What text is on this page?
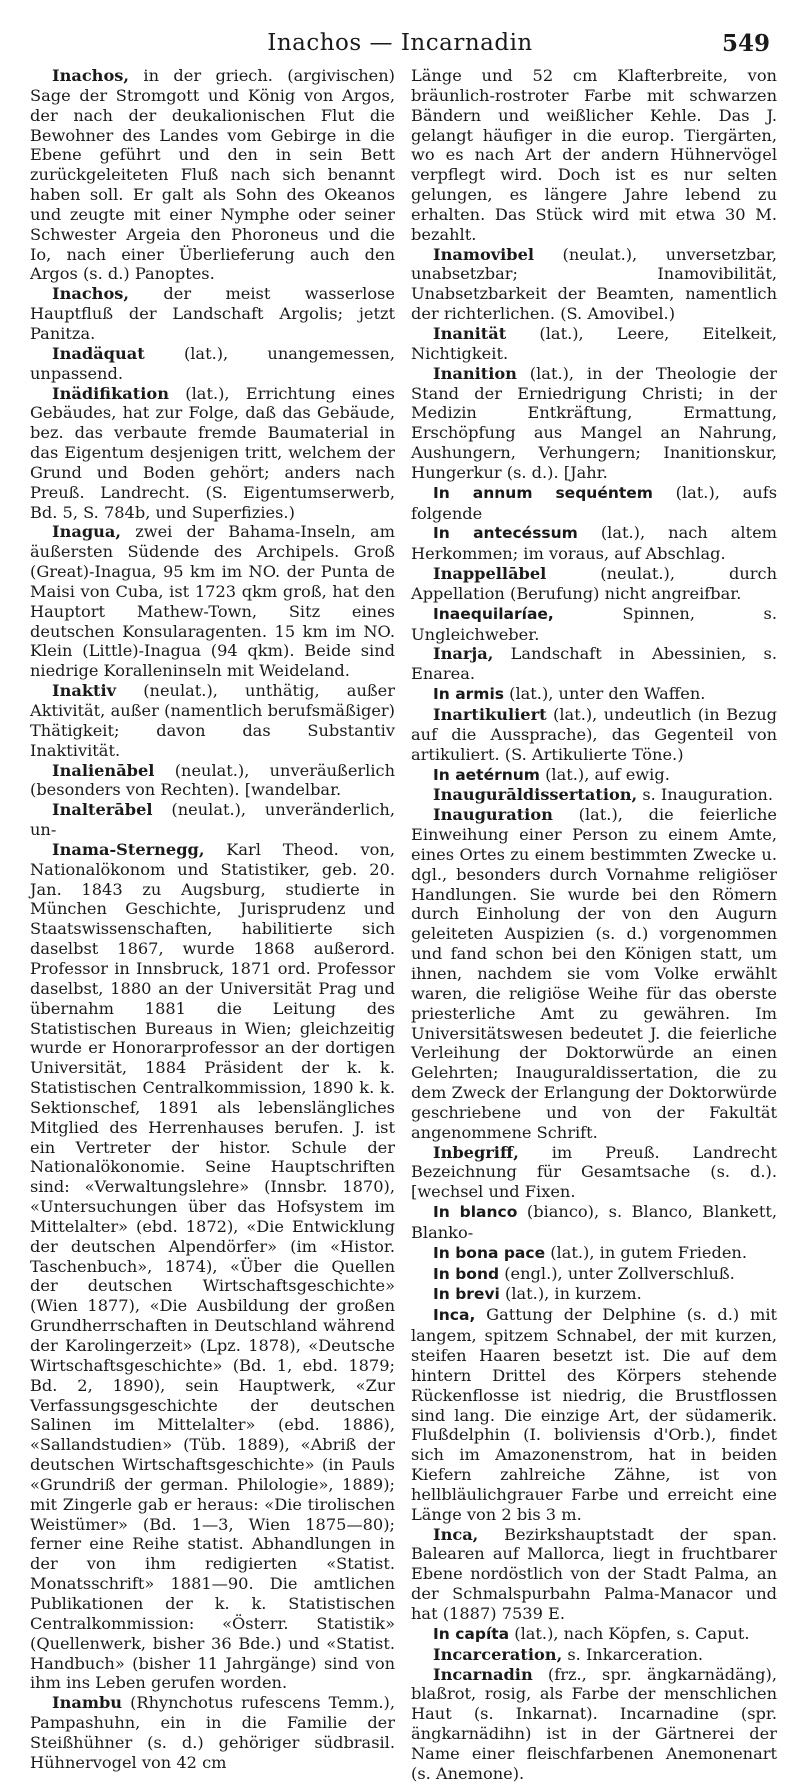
Inachos — Incarnadin	549

Inachos, in der griech. (argivischen) Sage der Stromgott und König von Argos, der nach der deukalionischen Flut die Bewohner des Landes vom Gebirge in die Ebene geführt und den in sein Bett zurückgeleiteten Fluß nach sich benannt haben soll. Er galt als Sohn des Okeanos und zeugte mit einer Nymphe oder seiner Schwester Argeia den Phoroneus und die Io, nach einer Überlieferung auch den Argos (s. d.) Panoptes.

Inachos, der meist wasserlose Hauptfluß der Landschaft Argolis; jetzt Panitza.

Inadäquat (lat.), unangemessen, unpassend.

Inädifikation (lat.), Errichtung eines Gebäudes, hat zur Folge, daß das Gebäude, bez. das verbaute fremde Baumaterial in das Eigentum desjenigen tritt, welchem der Grund und Boden gehört; anders nach Preuß. Landrecht. (S. Eigentumserwerb, Bd. 5, S. 784b, und Superfizies.)

Inagua, zwei der Bahama-Inseln, am äußersten Südende des Archipels. Groß (Great)-Inagua, 95 km im NO. der Punta de Maisi von Cuba, ist 1723 qkm groß, hat den Hauptort Mathew-Town, Sitz eines deutschen Konsularagenten. 15 km im NO. Klein (Little)-Inagua (94 qkm). Beide sind niedrige Koralleninseln mit Weideland.

Inaktiv (neulat.), unthätig, außer Aktivität, außer (namentlich berufsmäßiger) Thätigkeit; davon das Substantiv Inaktivität.

Inalienābel (neulat.), unveräußerlich (besonders von Rechten). [wandelbar.

Inalterābel (neulat.), unveränderlich, un-

Inama-Sternegg, Karl Theod. von, Nationalökonom und Statistiker, geb. 20. Jan. 1843 zu Augsburg, studierte in München Geschichte, Jurisprudenz und Staatswissenschaften, habilitierte sich daselbst 1867, wurde 1868 außerord. Professor in Innsbruck, 1871 ord. Professor daselbst, 1880 an der Universität Prag und übernahm 1881 die Leitung des Statistischen Bureaus in Wien; gleichzeitig wurde er Honorarprofessor an der dortigen Universität, 1884 Präsident der k. k. Statistischen Centralkommission, 1890 k. k. Sektionschef, 1891 als lebenslängliches Mitglied des Herrenhauses berufen. J. ist ein Vertreter der histor. Schule der Nationalökonomie. Seine Hauptschriften sind: «Verwaltungslehre» (Innsbr. 1870), «Untersuchungen über das Hofsystem im Mittelalter» (ebd. 1872), «Die Entwicklung der deutschen Alpendörfer» (im «Histor. Taschenbuch», 1874), «Über die Quellen der deutschen Wirtschaftsgeschichte» (Wien 1877), «Die Ausbildung der großen Grundherrschaften in Deutschland während der Karolingerzeit» (Lpz. 1878), «Deutsche Wirtschaftsgeschichte» (Bd. 1, ebd. 1879; Bd. 2, 1890), sein Hauptwerk, «Zur Verfassungsgeschichte der deutschen Salinen im Mittelalter» (ebd. 1886), «Sallandstudien» (Tüb. 1889), «Abriß der deutschen Wirtschaftsgeschichte» (in Pauls «Grundriß der german. Philologie», 1889); mit Zingerle gab er heraus: «Die tirolischen Weistümer» (Bd. 1—3, Wien 1875—80); ferner eine Reihe statist. Abhandlungen in der von ihm redigierten «Statist. Monatsschrift» 1881—90. Die amtlichen Publikationen der k. k. Statistischen Centralkommission: «Österr. Statistik» (Quellenwerk, bisher 36 Bde.) und «Statist. Handbuch» (bisher 11 Jahrgänge) sind von ihm ins Leben gerufen worden.

Inambu (Rhynchotus rufescens Temm.), Pampashuhn, ein in die Familie der Steißhühner (s. d.) gehöriger südbrasil. Hühnervogel von 42 cm

Länge und 52 cm Klafterbreite, von bräunlich-rostroter Farbe mit schwarzen Bändern und weißlicher Kehle. Das J. gelangt häufiger in die europ. Tiergärten, wo es nach Art der andern Hühnervögel verpflegt wird. Doch ist es nur selten gelungen, es längere Jahre lebend zu erhalten. Das Stück wird mit etwa 30 M. bezahlt.

Inamovibel (neulat.), unversetzbar, unabsetzbar; Inamovibilität, Unabsetzbarkeit der Beamten, namentlich der richterlichen. (S. Amovibel.)

Inanität (lat.), Leere, Eitelkeit, Nichtigkeit.

Inanition (lat.), in der Theologie der Stand der Erniedrigung Christi; in der Medizin Entkräftung, Ermattung, Erschöpfung aus Mangel an Nahrung, Aushungern, Verhungern; Inanitionskur, Hungerkur (s. d.). [Jahr.

In annum sequéntem (lat.), aufs folgende

In antecéssum (lat.), nach altem Herkommen; im voraus, auf Abschlag.

Inappellābel (neulat.), durch Appellation (Berufung) nicht angreifbar.

Inaequilaríae, Spinnen, s. Ungleichweber.

Inarja, Landschaft in Abessinien, s. Enarea.

In armis (lat.), unter den Waffen.

Inartikuliert (lat.), undeutlich (in Bezug auf die Aussprache), das Gegenteil von artikuliert. (S. Artikulierte Töne.)

In aetérnum (lat.), auf ewig.

Inaugurāldissertation, s. Inauguration.

Inauguration (lat.), die feierliche Einweihung einer Person zu einem Amte, eines Ortes zu einem bestimmten Zwecke u. dgl., besonders durch Vornahme religiöser Handlungen. Sie wurde bei den Römern durch Einholung der von den Augurn geleiteten Auspizien (s. d.) vorgenommen und fand schon bei den Königen statt, um ihnen, nachdem sie vom Volke erwählt waren, die religiöse Weihe für das oberste priesterliche Amt zu gewähren. Im Universitätswesen bedeutet J. die feierliche Verleihung der Doktorwürde an einen Gelehrten; Inauguraldissertation, die zu dem Zweck der Erlangung der Doktorwürde geschriebene und von der Fakultät angenommene Schrift.

Inbegriff, im Preuß. Landrecht Bezeichnung für Gesamtsache (s. d.). [wechsel und Fixen.

In blanco (bianco), s. Blanco, Blankett, Blanko-

In bona pace (lat.), in gutem Frieden.

In bond (engl.), unter Zollverschluß.

In brevi (lat.), in kurzem.

Inca, Gattung der Delphine (s. d.) mit langem, spitzem Schnabel, der mit kurzen, steifen Haaren besetzt ist. Die auf dem hintern Drittel des Körpers stehende Rückenflosse ist niedrig, die Brustflossen sind lang. Die einzige Art, der südamerik. Flußdelphin (I. boliviensis d'Orb.), findet sich im Amazonenstrom, hat in beiden Kiefern zahlreiche Zähne, ist von hellbläulichgrauer Farbe und erreicht eine Länge von 2 bis 3 m.

Inca, Bezirkshauptstadt der span. Balearen auf Mallorca, liegt in fruchtbarer Ebene nordöstlich von der Stadt Palma, an der Schmalspurbahn Palma-Manacor und hat (1887) 7539 E.

In capíta (lat.), nach Köpfen, s. Caput.

Incarceration, s. Inkarceration.

Incarnadin (frz., spr. ängkarnädäng), blaßrot, rosig, als Farbe der menschlichen Haut (s. Inkarnat). Incarnadine (spr. ängkarnädihn) ist in der Gärtnerei der Name einer fleischfarbenen Anemonenart (s. Anemone).
